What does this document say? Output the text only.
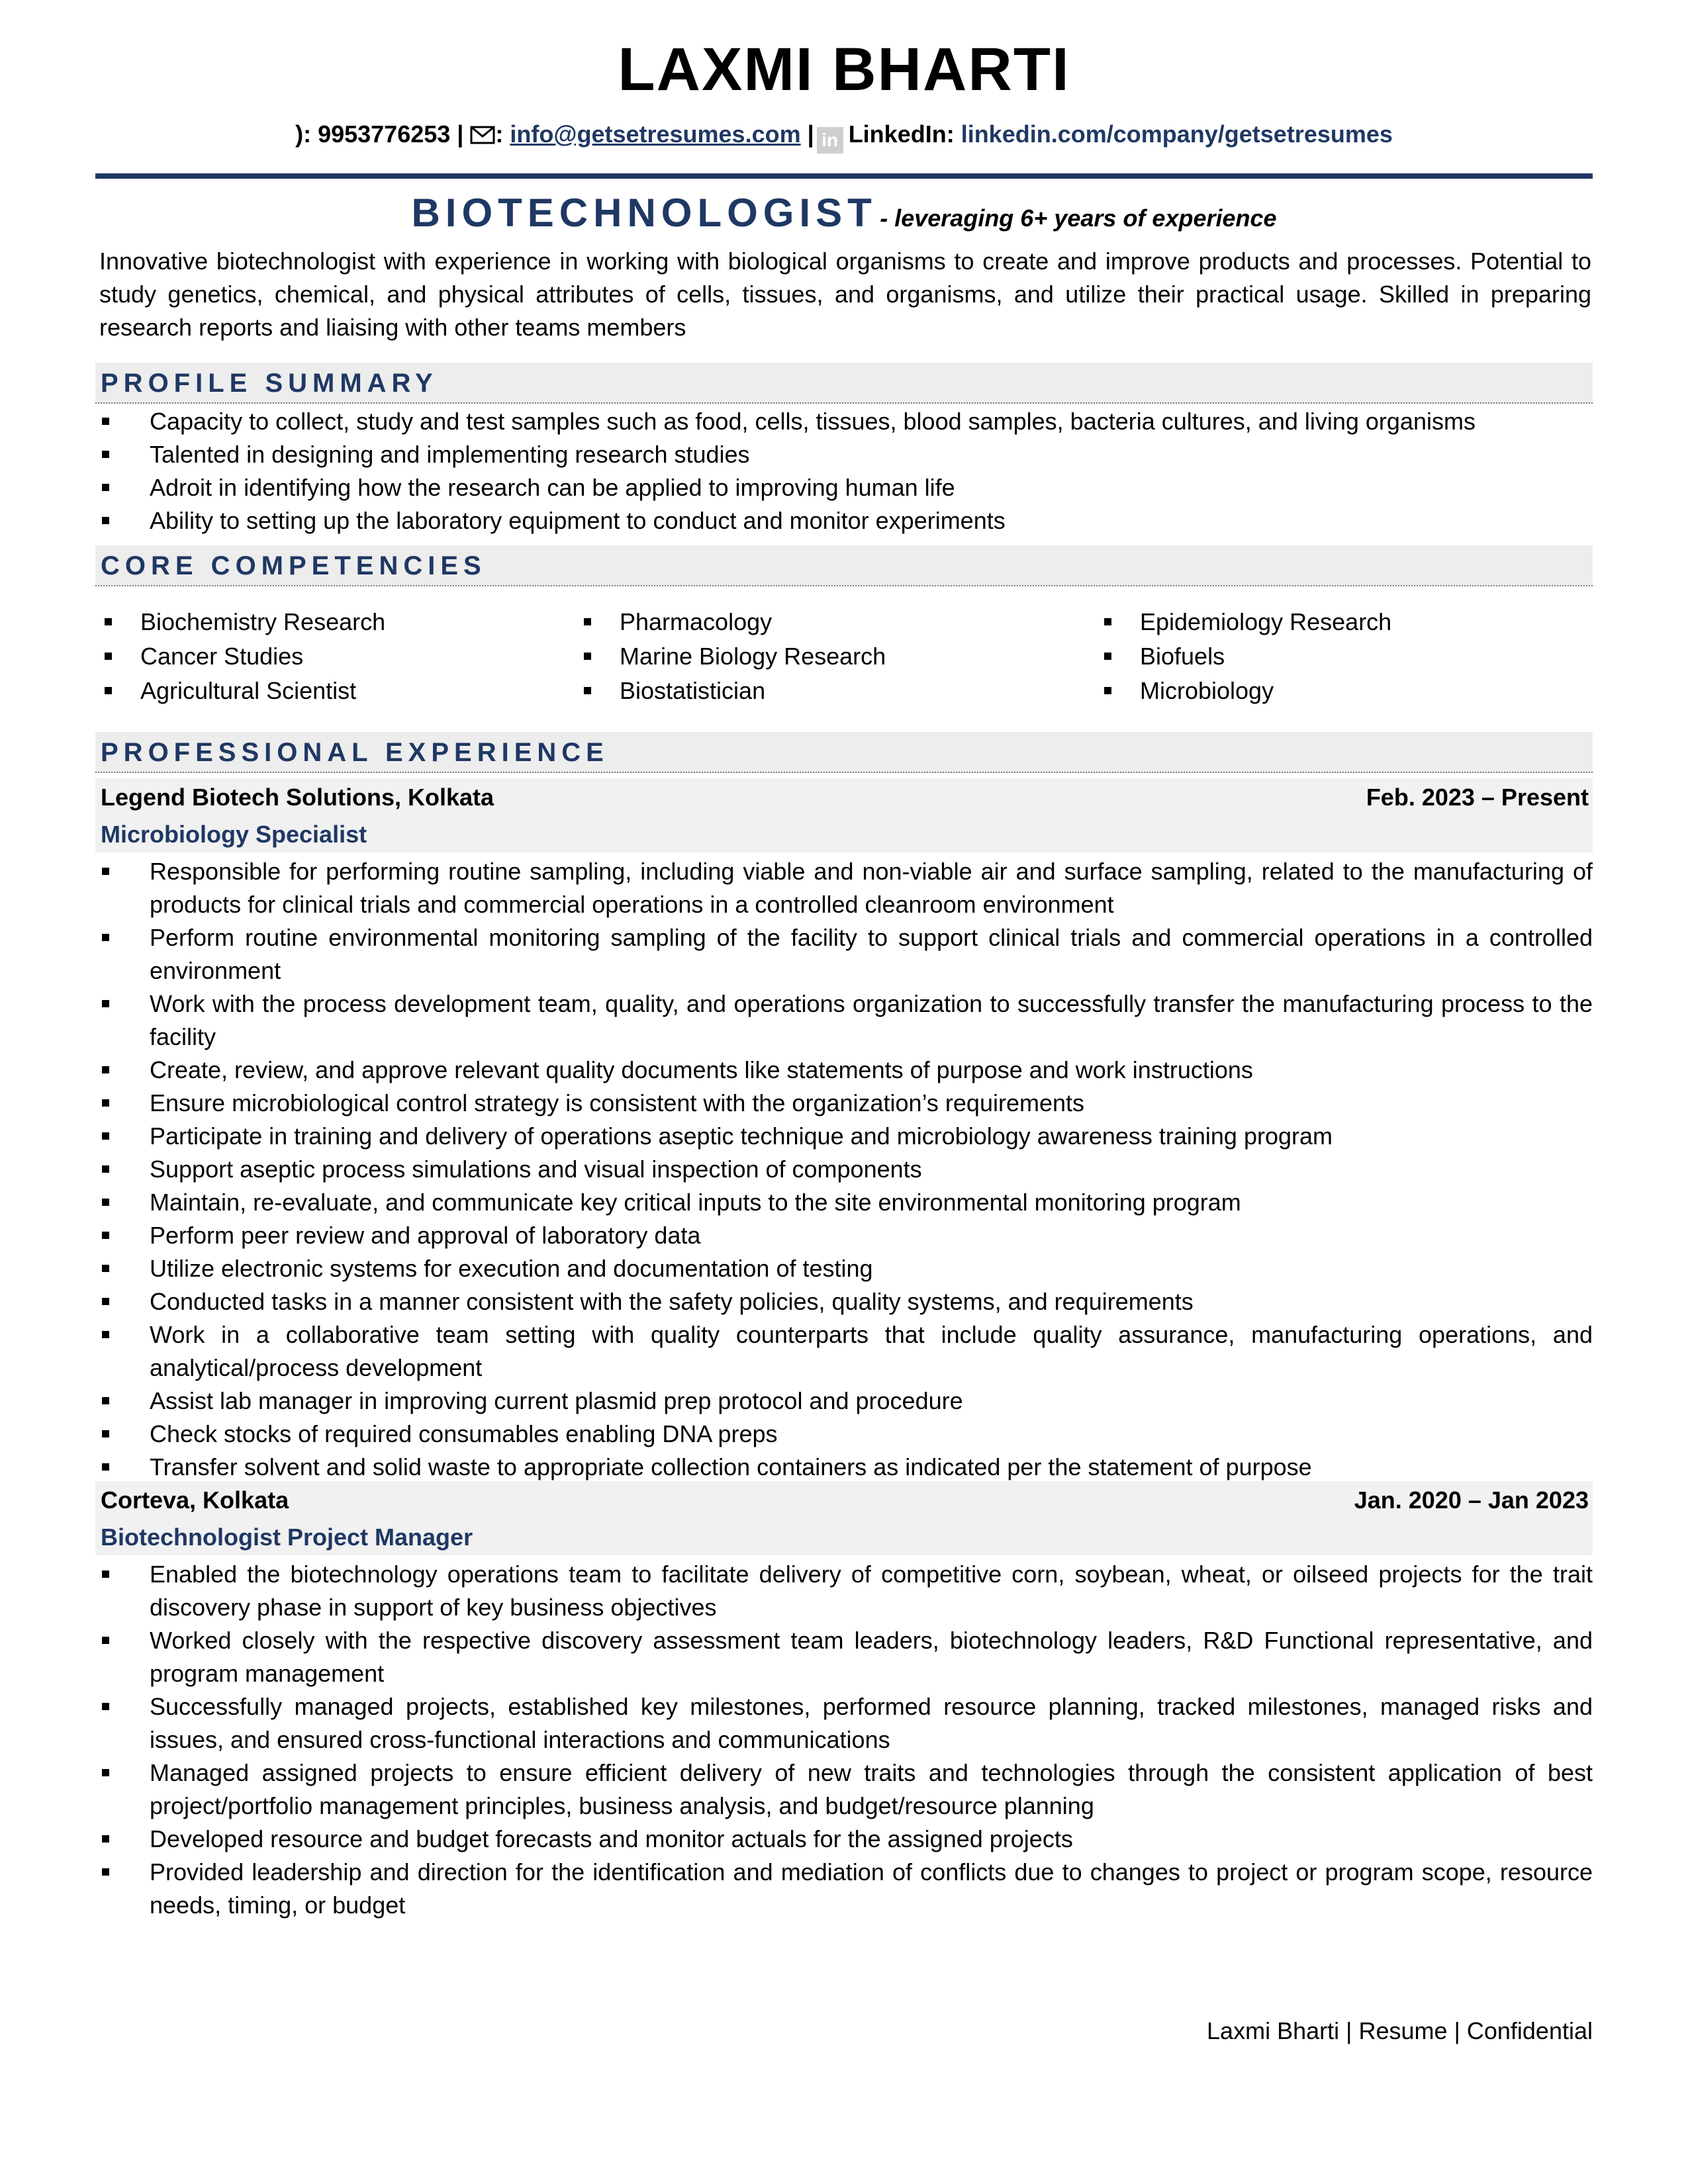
LAXMI BHARTI
): 9953776253 | : info@getsetresumes.com | in LinkedIn: linkedin.com/company/getsetresumes
BIOTECHNOLOGIST - leveraging 6+ years of experience
Innovative biotechnologist with experience in working with biological organisms to create and improve products and processes. Potential to study genetics, chemical, and physical attributes of cells, tissues, and organisms, and utilize their practical usage. Skilled in preparing research reports and liaising with other teams members
PROFILE SUMMARY
Capacity to collect, study and test samples such as food, cells, tissues, blood samples, bacteria cultures, and living organisms
Talented in designing and implementing research studies
Adroit in identifying how the research can be applied to improving human life
Ability to setting up the laboratory equipment to conduct and monitor experiments
CORE COMPETENCIES
Biochemistry Research
Cancer Studies
Agricultural Scientist
Pharmacology
Marine Biology Research
Biostatistician
Epidemiology Research
Biofuels
Microbiology
PROFESSIONAL EXPERIENCE
Legend Biotech Solutions, Kolkata	Feb. 2023 – Present
Microbiology Specialist
Responsible for performing routine sampling, including viable and non-viable air and surface sampling, related to the manufacturing of products for clinical trials and commercial operations in a controlled cleanroom environment
Perform routine environmental monitoring sampling of the facility to support clinical trials and commercial operations in a controlled environment
Work with the process development team, quality, and operations organization to successfully transfer the manufacturing process to the facility
Create, review, and approve relevant quality documents like statements of purpose and work instructions
Ensure microbiological control strategy is consistent with the organization’s requirements
Participate in training and delivery of operations aseptic technique and microbiology awareness training program
Support aseptic process simulations and visual inspection of components
Maintain, re-evaluate, and communicate key critical inputs to the site environmental monitoring program
Perform peer review and approval of laboratory data
Utilize electronic systems for execution and documentation of testing
Conducted tasks in a manner consistent with the safety policies, quality systems, and requirements
Work in a collaborative team setting with quality counterparts that include quality assurance, manufacturing operations, and analytical/process development
Assist lab manager in improving current plasmid prep protocol and procedure
Check stocks of required consumables enabling DNA preps
Transfer solvent and solid waste to appropriate collection containers as indicated per the statement of purpose
Corteva, Kolkata	Jan. 2020 – Jan 2023
Biotechnologist Project Manager
Enabled the biotechnology operations team to facilitate delivery of competitive corn, soybean, wheat, or oilseed projects for the trait discovery phase in support of key business objectives
Worked closely with the respective discovery assessment team leaders, biotechnology leaders, R&D Functional representative, and program management
Successfully managed projects, established key milestones, performed resource planning, tracked milestones, managed risks and issues, and ensured cross-functional interactions and communications
Managed assigned projects to ensure efficient delivery of new traits and technologies through the consistent application of best project/portfolio management principles, business analysis, and budget/resource planning
Developed resource and budget forecasts and monitor actuals for the assigned projects
Provided leadership and direction for the identification and mediation of conflicts due to changes to project or program scope, resource needs, timing, or budget
Laxmi Bharti | Resume | Confidential
